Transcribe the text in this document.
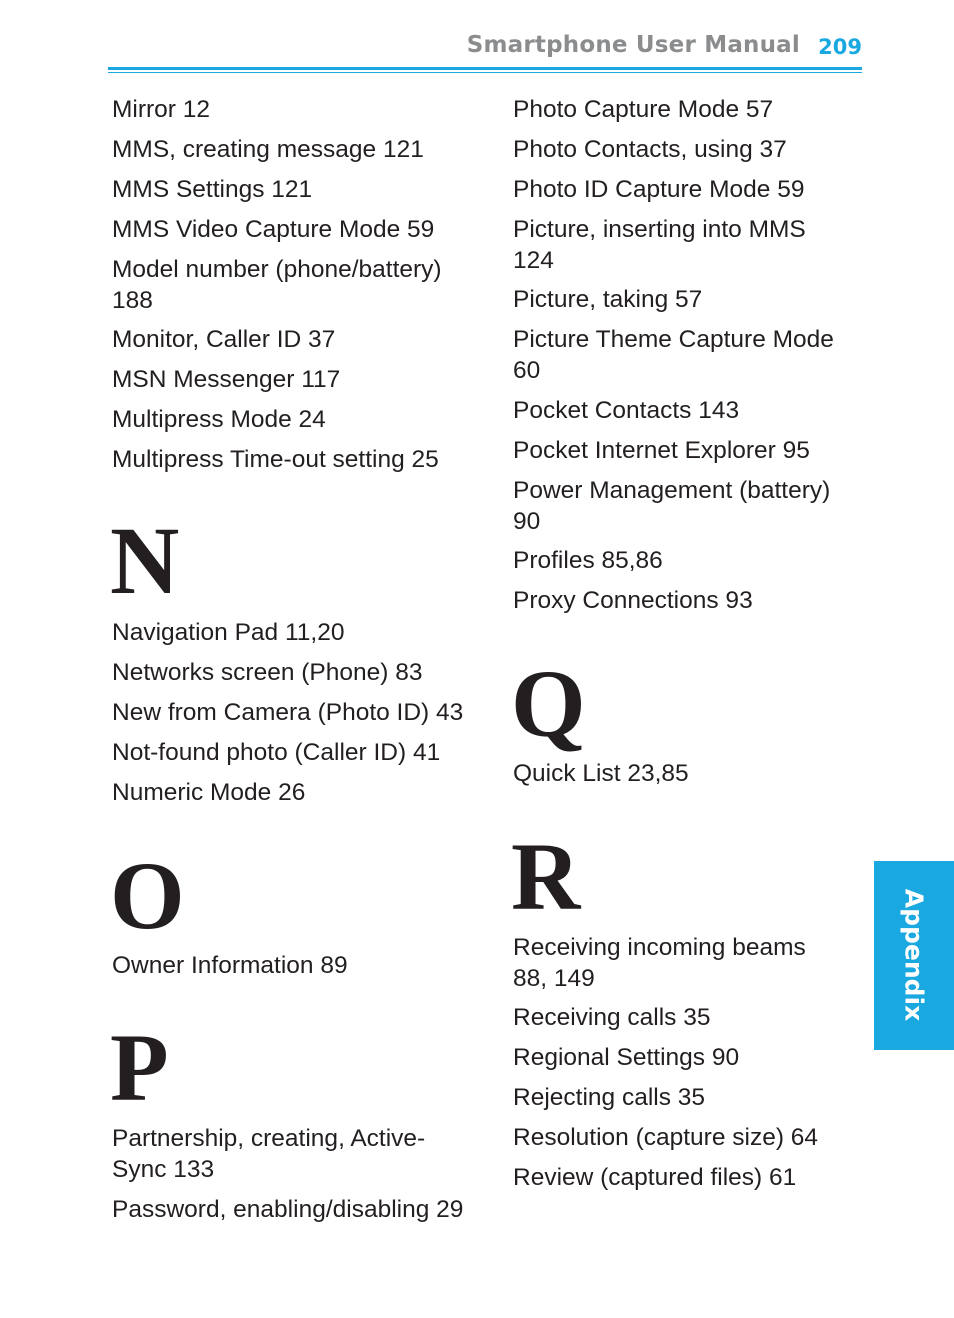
Smartphone User Manual 209
Mirror 12
MMS, creating message 121
MMS Settings 121
MMS Video Capture Mode 59
Model number (phone/battery)
188
Monitor, Caller ID 37
MSN Messenger 117
Multipress Mode 24
Multipress Time-out setting 25
N
Navigation Pad 11,20
Networks screen (Phone) 83
New from Camera (Photo ID) 43
Not-found photo (Caller ID) 41
Numeric Mode 26
O
Owner Information 89
P
Partnership, creating, Active-
Sync 133
Password, enabling/disabling 29
Photo Capture Mode 57
Photo Contacts, using 37
Photo ID Capture Mode 59
Picture, inserting into MMS
124
Picture, taking 57
Picture Theme Capture Mode
60
Pocket Contacts 143
Pocket Internet Explorer 95
Power Management (battery)
90
Profiles 85,86
Proxy Connections 93
Q
Quick List 23,85
R
Receiving incoming beams
88, 149
Receiving calls 35
Regional Settings 90
Rejecting calls 35
Resolution (capture size) 64
Review (captured files) 61
Appendix
